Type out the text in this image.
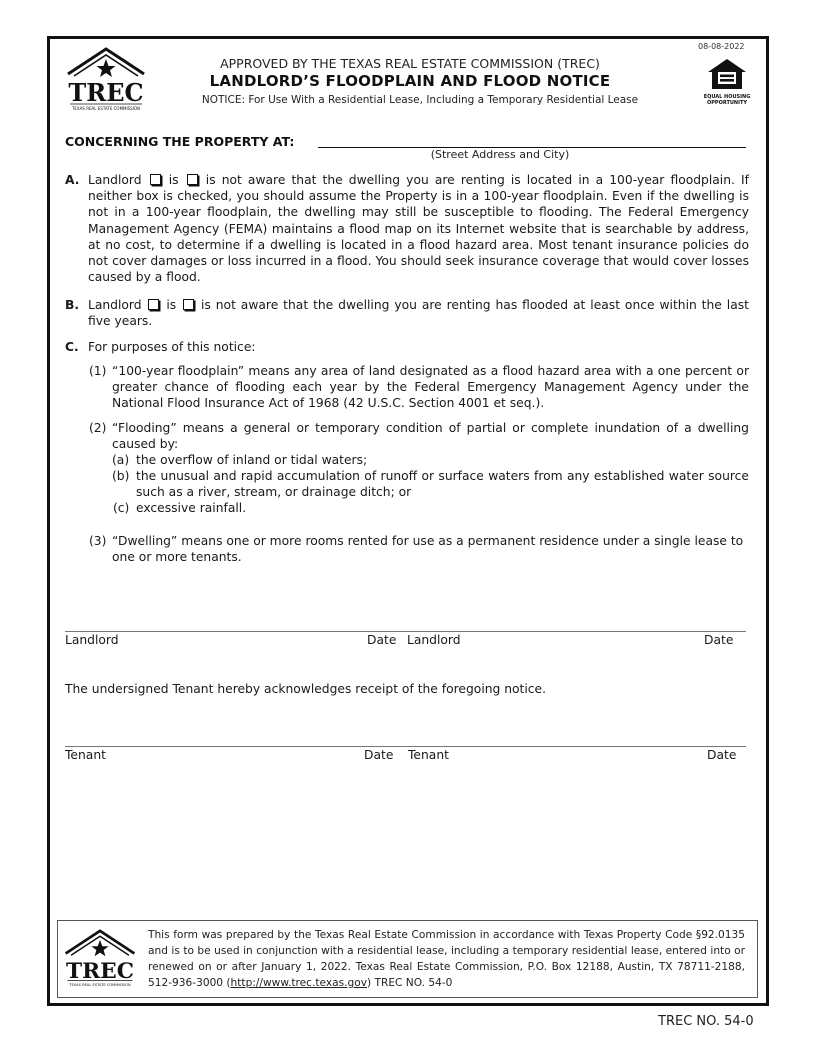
08-08-2022
TREC
TEXAS REAL ESTATE COMMISSION
APPROVED BY THE TEXAS REAL ESTATE COMMISSION (TREC)
LANDLORD’S FLOODPLAIN AND FLOOD NOTICE
NOTICE: For Use With a Residential Lease, Including a Temporary Residential Lease	EQUAL HOUSING
OPPORTUNITY
CONCERNING THE PROPERTY AT:
(Street Address and City)
A. Landlord is is not aware that the dwelling you are renting is located in a 100-year floodplain. If neither box is checked, you should assume the Property is in a 100-year floodplain. Even if the dwelling is not in a 100-year floodplain, the dwelling may still be susceptible to flooding. The Federal Emergency Management Agency (FEMA) maintains a flood map on its Internet website that is searchable by address, at no cost, to determine if a dwelling is located in a flood hazard area. Most tenant insurance policies do not cover damages or loss incurred in a flood. You should seek insurance coverage that would cover losses caused by a flood.
B. Landlord is is not aware that the dwelling you are renting has flooded at least once within the last five years.
C. For purposes of this notice:
(1) “100-year floodplain” means any area of land designated as a flood hazard area with a one percent or greater chance of flooding each year by the Federal Emergency Management Agency under the National Flood Insurance Act of 1968 (42 U.S.C. Section 4001 et seq.).
(2) “Flooding” means a general or temporary condition of partial or complete inundation of a dwelling caused by:
(a) the overflow of inland or tidal waters;
(b) the unusual and rapid accumulation of runoff or surface waters from any established water source such as a river, stream, or drainage ditch; or
(c) excessive rainfall.
(3) “Dwelling” means one or more rooms rented for use as a permanent residence under a single lease to one or more tenants.
Landlord	Date Landlord	Date
The undersigned Tenant hereby acknowledges receipt of the foregoing notice.
Tenant	Date Tenant	Date
TREC
TEXAS REAL ESTATE COMMISSION
This form was prepared by the Texas Real Estate Commission in accordance with Texas Property Code §92.0135 and is to be used in conjunction with a residential lease, including a temporary residential lease, entered into or renewed on or after January 1, 2022. Texas Real Estate Commission, P.O. Box 12188, Austin, TX 78711-2188, 512-936-3000 (http://www.trec.texas.gov) TREC NO. 54-0
TREC NO. 54-0
